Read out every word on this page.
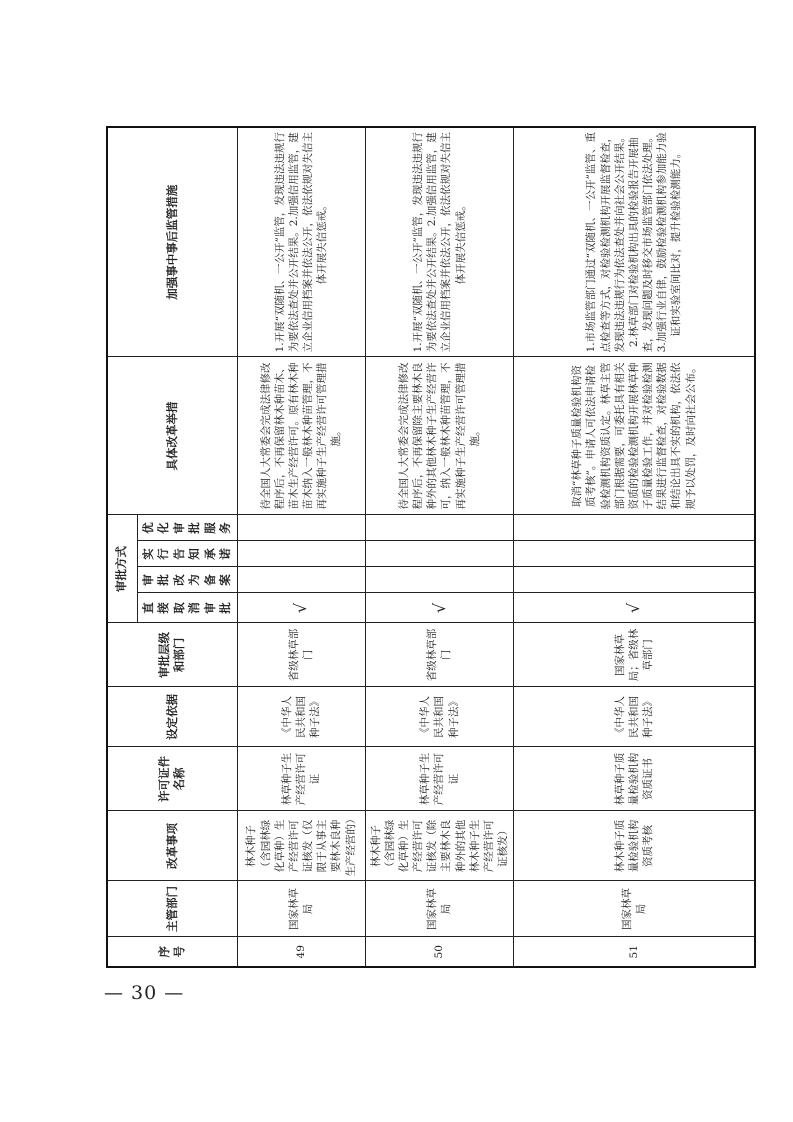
序号	主管部门	改革事项	许可证件名称	设定依据	审批层级和部门	审批方式				具体改革举措	加强事中事后监管措施
						直接取消审批	审批改为备案	实行告知承诺	优化审批服务		
49	国家林草局	林木种子（含园林绿化草种）生产经营许可证核发（仅限于从事主要林木良种生产经营的）	林草种子生产经营许可证	《中华人民共和国种子法》	省级林草部门	√				待全国人大常委会完成法律修改程序后，不再保留林木种苗木、苗木生产经营许可。原有林木种苗木纳入一般林木种苗管理，不再实施种子生产经营许可管理措施。	1.开展“双随机、一公开”监管，发现违法违规行为要依法查处并公开结果。2.加强信用监管，建立企业信用档案并依法公开，依法依规对失信主体开展失信惩戒。
50	国家林草局	林木种子（含园林绿化草种）生产经营许可证核发（除主要林木良种外的其他林木种子生产经营许可证核发）	林草种子生产经营许可证	《中华人民共和国种子法》	省级林草部门	√				待全国人大常委会完成法律修改程序后，不再保留除主要林木良种外的其他林木种子生产经营许可，纳入一般林木种苗管理，不再实施种子生产经营许可管理措施。	1.开展“双随机、一公开”监管，发现违法违规行为要依法查处并公开结果。2.加强信用监管，建立企业信用档案并依法公开，依法依规对失信主体开展失信惩戒。
51	国家林草局	林木种子质量检验机构资质考核	林草种子质量检验机构资质证书	《中华人民共和国种子法》	国家林草局；省级林草部门	√				取消“林草种子质量检验机构资质考核”。申请人可依法申请检验检测机构资质认定。林草主管部门根据需要，可委托具有相关资质的检验检测机构开展林草种子质量检验工作，并对检验检测结果进行监督检查，对检验数据和结论出具不实的机构，依法依规予以处罚，及时向社会公布。	1.市场监管部门通过“双随机、一公开”监管、重点检查等方式，对检验检测机构开展监督检查，发现违法违规行为依法查处并向社会公开结果。2.林草部门对检验机构出具的检验报告开展抽查，发现问题及时移交市场监管部门依法处理。3.加强行业自律，鼓励检验检测机构参加能力验证和实验室间比对，提升检验检测能力。
— 30 —
